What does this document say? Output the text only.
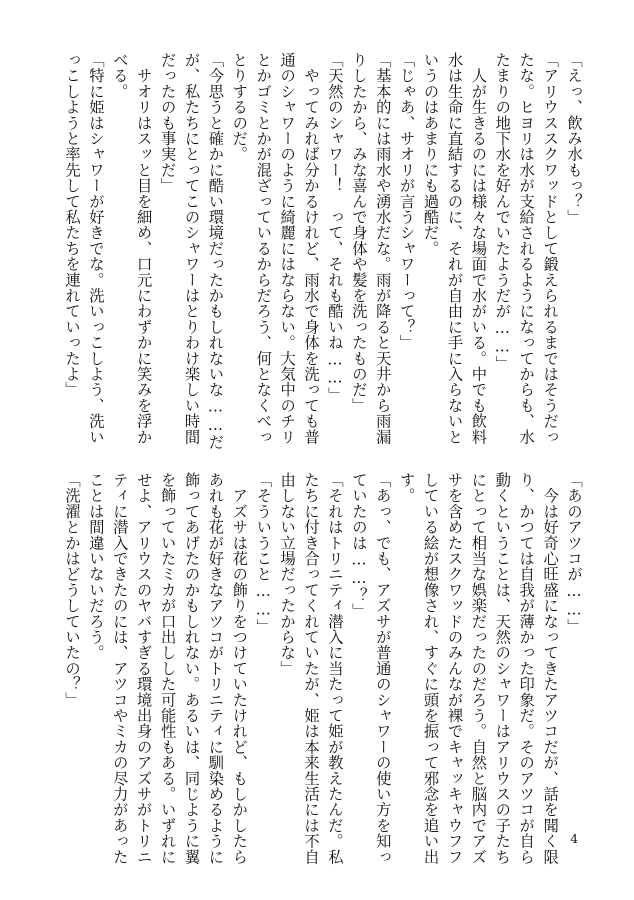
「えっ、飲み水もっ？」
「アリウススクワッドとして鍛えられるまではそうだっ
たな。ヒヨリは水が支給されるようになってからも、水
たまりの地下水を好んでいたようだが……」
　人が生きるのには様々な場面で水がいる。中でも飲料
水は生命に直結するのに、それが自由に手に入らないと
いうのはあまりにも過酷だ。
「じゃあ、サオリが言うシャワーって？」
「基本的には雨水や湧水だな。雨が降ると天井から雨漏
りしたから、みな喜んで身体や髪を洗ったものだ」
「天然のシャワー！　って、それも酷いね……」
　やってみれば分かるけれど、雨水で身体を洗っても普
通のシャワーのように綺麗にはならない。大気中のチリ
とかゴミとかが混ざっているからだろう、何となくべっ
とりするのだ。
「今思うと確かに酷い環境だったかもしれないな……だ
が、私たちにとってこのシャワーはとりわけ楽しい時間
だったのも事実だ」
　サオリはスッと目を細め、口元にわずかに笑みを浮か
べる。
「特に姫はシャワーが好きでな。洗いっこしよう、洗い
っこしようと率先して私たちを連れていったよ」
「あのアツコが……」
　今は好奇心旺盛になってきたアツコだが、話を聞く限
り、かつては自我が薄かった印象だ。そのアツコが自ら
動くということは、天然のシャワーはアリウスの子たち
にとって相当な娯楽だったのだろう。自然と脳内でアズ
サを含めたスクワッドのみんなが裸でキャッキャウフフ
している絵が想像され、すぐに頭を振って邪念を追い出
す。
「あっ、でも、アズサが普通のシャワーの使い方を知っ
ていたのは……？」
「それはトリニティ潜入に当たって姫が教えたんだ。私
たちに付き合ってくれていたが、姫は本来生活には不自
由しない立場だったからな」
「そういうこと……」
　アズサは花の飾りをつけていたけれど、もしかしたら
あれも花が好きなアツコがトリニティに馴染めるように
飾ってあげたのかもしれない。あるいは、同じように翼
を飾っていたミカが口出しした可能性もある。いずれに
せよ、アリウスのヤバすぎる環境出身のアズサがトリニ
ティに潜入できたのには、アツコやミカの尽力があった
ことは間違いないだろう。
「洗濯とかはどうしていたの？」
4
